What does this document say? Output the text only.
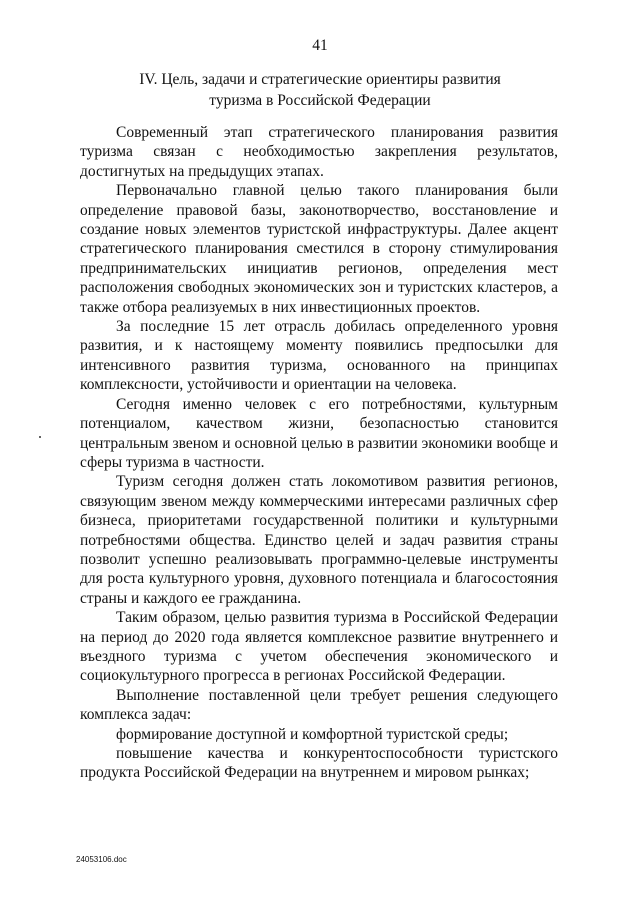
41
IV. Цель, задачи и стратегические ориентиры развития
туризма в Российской Федерации

Современный этап стратегического планирования развития туризма связан с необходимостью закрепления результатов, достигнутых на предыдущих этапах.

Первоначально главной целью такого планирования были определение правовой базы, законотворчество, восстановление и создание новых элементов туристской инфраструктуры. Далее акцент стратегического планирования сместился в сторону стимулирования предпринимательских инициатив регионов, определения мест расположения свободных экономических зон и туристских кластеров, а также отбора реализуемых в них инвестиционных проектов.

За последние 15 лет отрасль добилась определенного уровня развития, и к настоящему моменту появились предпосылки для интенсивного развития туризма, основанного на принципах комплексности, устойчивости и ориентации на человека.

Сегодня именно человек с его потребностями, культурным потенциалом, качеством жизни, безопасностью становится центральным звеном и основной целью в развитии экономики вообще и сферы туризма в частности.

Туризм сегодня должен стать локомотивом развития регионов, связующим звеном между коммерческими интересами различных сфер бизнеса, приоритетами государственной политики и культурными потребностями общества. Единство целей и задач развития страны позволит успешно реализовывать программно-целевые инструменты для роста культурного уровня, духовного потенциала и благосостояния страны и каждого ее гражданина.

Таким образом, целью развития туризма в Российской Федерации на период до 2020 года является комплексное развитие внутреннего и въездного туризма с учетом обеспечения экономического и социокультурного прогресса в регионах Российской Федерации.

Выполнение поставленной цели требует решения следующего комплекса задач:

формирование доступной и комфортной туристской среды;

повышение качества и конкурентоспособности туристского продукта Российской Федерации на внутреннем и мировом рынках;

24053106.doc
